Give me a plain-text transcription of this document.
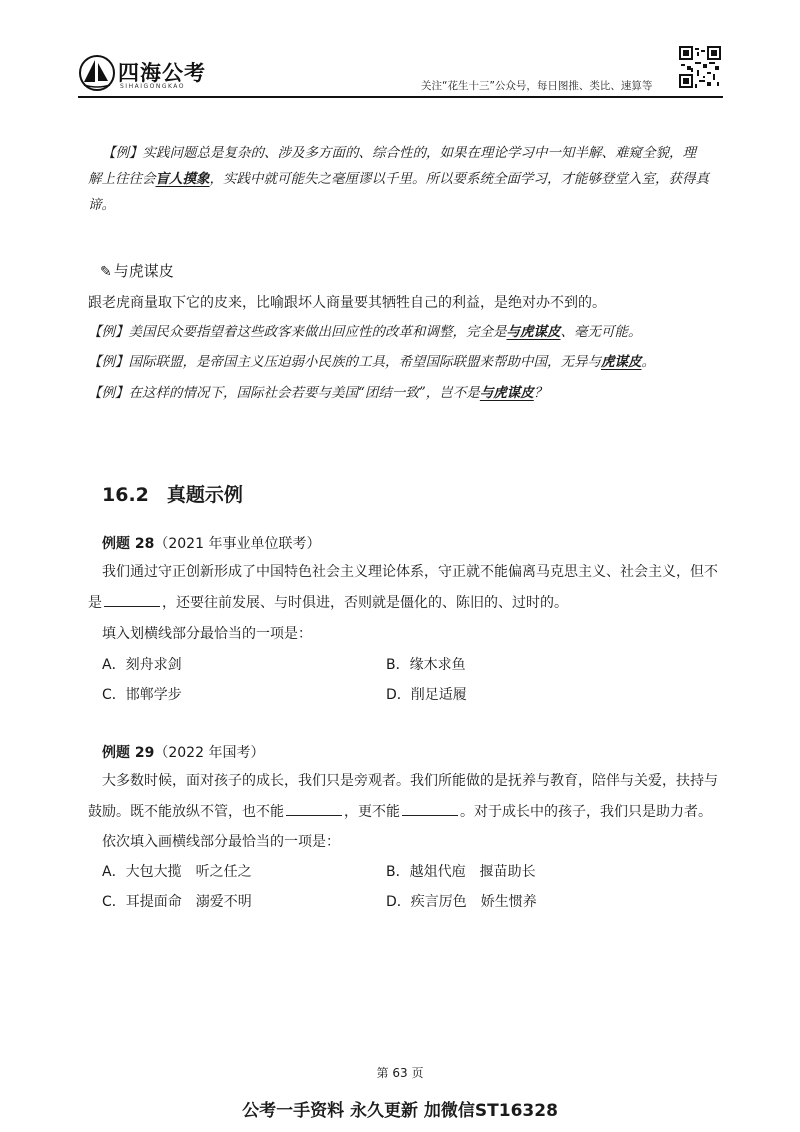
四海公考
SIHAIGONGKAO	关注“花生十三”公众号，每日图推、类比、速算等
【例】实践问题总是复杂的、涉及多方面的、综合性的，如果在理论学习中一知半解、难窥全貌，理
解上往往会盲人摸象，实践中就可能失之毫厘谬以千里。所以要系统全面学习，才能够登堂入室，获得真
谛。
✎ 与虎谋皮
跟老虎商量取下它的皮来，比喻跟坏人商量要其牺牲自己的利益，是绝对办不到的。
【例】美国民众要指望着这些政客来做出回应性的改革和调整，完全是与虎谋皮、毫无可能。
【例】国际联盟，是帝国主义压迫弱小民族的工具，希望国际联盟来帮助中国，无异与虎谋皮。
【例】在这样的情况下，国际社会若要与美国“团结一致”，岂不是与虎谋皮？
16.2 真题示例
例题 28（2021 年事业单位联考）
我们通过守正创新形成了中国特色社会主义理论体系，守正就不能偏离马克思主义、社会主义，但不
是	，还要往前发展、与时俱进，否则就是僵化的、陈旧的、过时的。
填入划横线部分最恰当的一项是：
A．刻舟求剑	B．缘木求鱼
C．邯郸学步	D．削足适履
例题 29（2022 年国考）
大多数时候，面对孩子的成长，我们只是旁观者。我们所能做的是抚养与教育，陪伴与关爱，扶持与
鼓励。既不能放纵不管，也不能	，更不能	。对于成长中的孩子，我们只是助力者。
依次填入画横线部分最恰当的一项是：
A．大包大揽　听之任之	B．越俎代庖　揠苗助长
C．耳提面命　溺爱不明	D．疾言厉色　娇生惯养
第 63 页
公考一手资料 永久更新 加微信ST16328
